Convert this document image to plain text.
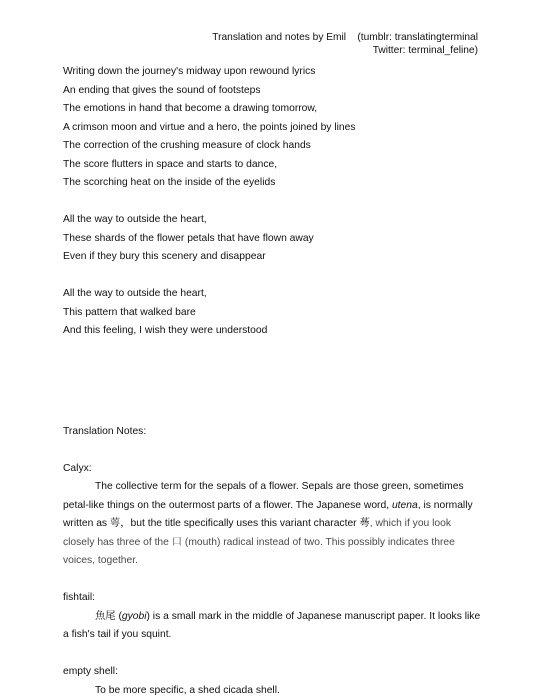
Translation and notes by Emil    (tumblr: translatingterminal
Twitter: terminal_feline)
Writing down the journey's midway upon rewound lyrics
An ending that gives the sound of footsteps
The emotions in hand that become a drawing tomorrow,
A crimson moon and virtue and a hero, the points joined by lines
The correction of the crushing measure of clock hands
The score flutters in space and starts to dance,
The scorching heat on the inside of the eyelids
All the way to outside the heart,
These shards of the flower petals that have flown away
Even if they bury this scenery and disappear
All the way to outside the heart,
This pattern that walked bare
And this feeling, I wish they were understood
Translation Notes:
Calyx:
The collective term for the sepals of a flower. Sepals are those green, sometimes petal-like things on the outermost parts of a flower. The Japanese word, utena, is normally written as 萼，but the title specifically uses this variant character 蕚, which if you look closely has three of the 口 (mouth) radical instead of two. This possibly indicates three voices, together.
fishtail:
魚尾 (gyobi) is a small mark in the middle of Japanese manuscript paper. It looks like a fish's tail if you squint.
empty shell:
To be more specific, a shed cicada shell.
